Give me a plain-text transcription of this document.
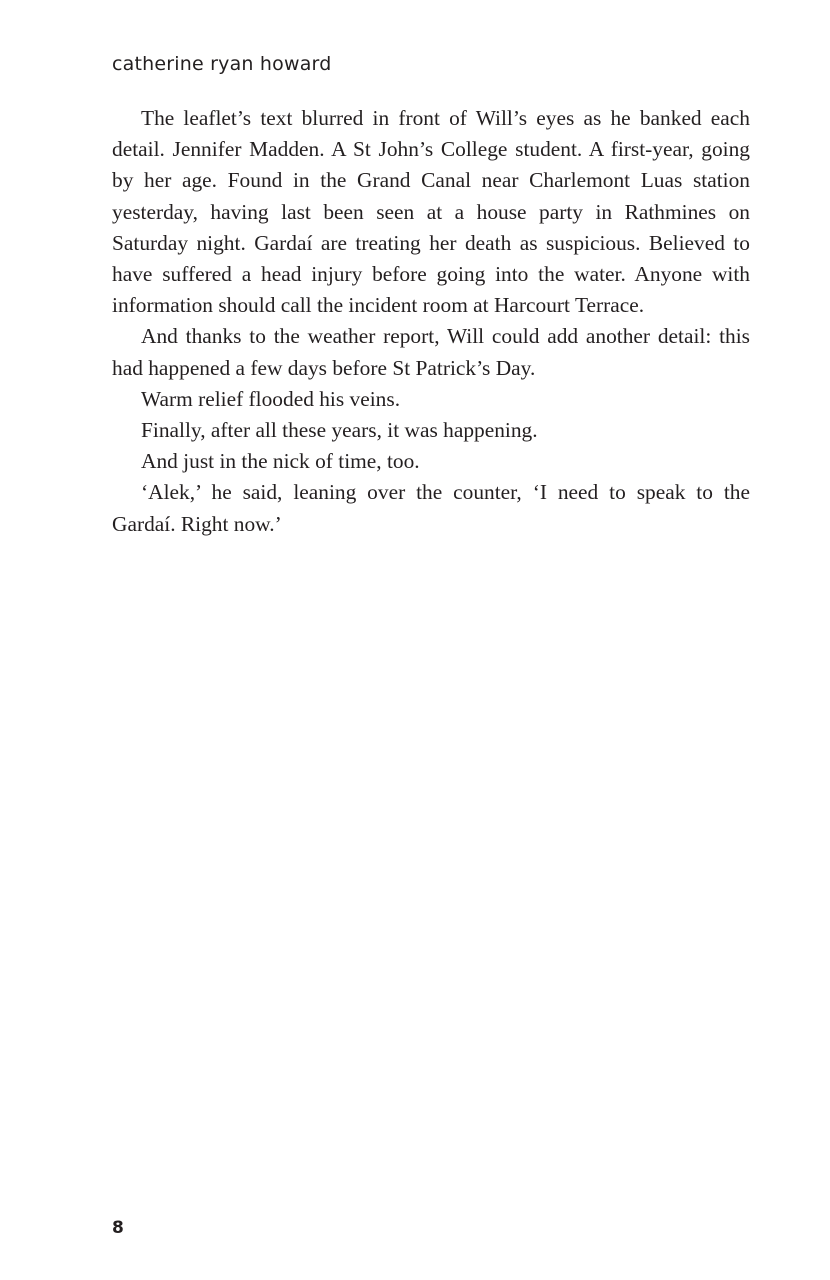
catherine ryan howard

The leaflet’s text blurred in front of Will’s eyes as he banked each detail. Jennifer Madden. A St John’s College student. A first-year, going by her age. Found in the Grand Canal near Charlemont Luas station yesterday, having last been seen at a house party in Rathmines on Saturday night. Gardaí are treating her death as suspicious. Believed to have suffered a head injury before going into the water. Anyone with information should call the incident room at Harcourt Terrace.

And thanks to the weather report, Will could add another detail: this had happened a few days before St Patrick’s Day.

Warm relief flooded his veins.

Finally, after all these years, it was happening.

And just in the nick of time, too.

‘Alek,’ he said, leaning over the counter, ‘I need to speak to the Gardaí. Right now.’

8
